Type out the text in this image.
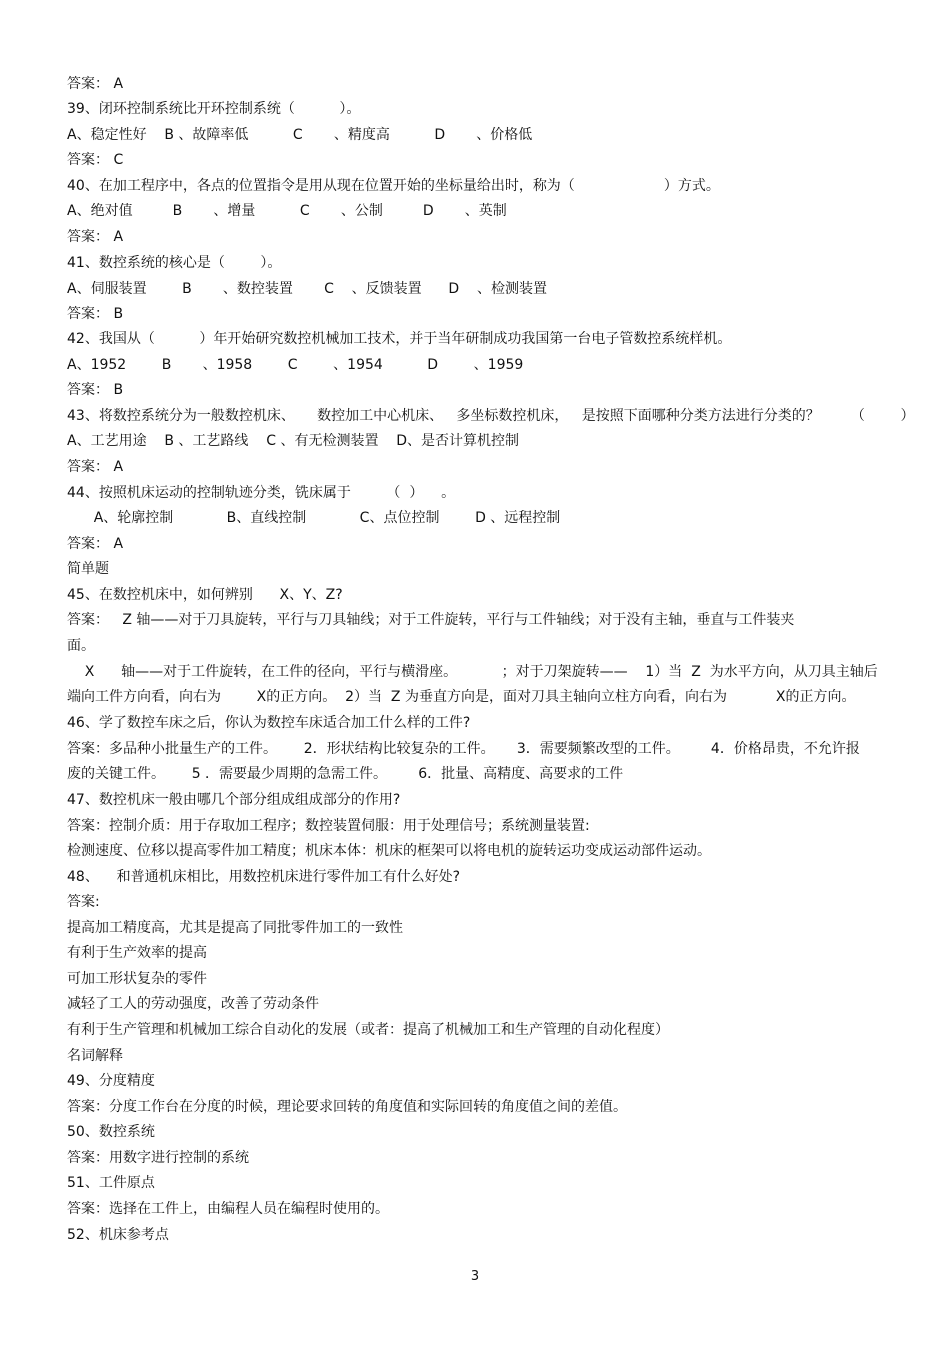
答案： A

39、闭环控制系统比开环控制系统（          ）。

A、稳定性好    B 、故障率低          C       、精度高          D       、价格低

答案： C

40、在加工程序中，各点的位置指令是用从现在位置开始的坐标量给出时，称为（                    ）方式。

A、绝对值         B       、增量          C       、公制         D       、英制

答案： A

41、数控系统的核心是（        ）。

A、伺服装置        B       、数控装置       C    、反馈装置      D    、检测装置

答案： B

42、我国从（          ）年开始研究数控机械加工技术，并于当年研制成功我国第一台电子管数控系统样机。

A、1952        B       、1958        C        、1954          D        、1959

答案： B

43、将数控系统分为一般数控机床、     数控加工中心机床、   多坐标数控机床，   是按照下面哪种分类方法进行分类的？       （        ）

A、工艺用途    B 、工艺路线    C 、有无检测装置    D、是否计算机控制

答案： A

44、按照机床运动的控制轨迹分类，铣床属于        （  ）    。

A、轮廓控制            B、直线控制            C、点位控制        D 、远程控制

答案： A

简单题

45、在数控机床中，如何辨别      X、Y、Z?

答案：   Z 轴——对于刀具旋转，平行与刀具轴线；对于工件旋转，平行与工件轴线；对于没有主轴，垂直与工件装夹

面。

X      轴——对于工件旋转，在工件的径向，平行与横滑座。          ；对于刀架旋转——    1）当  Z  为水平方向，从刀具主轴后

端向工件方向看，向右为        X的正方向。  2）当  Z 为垂直方向是，面对刀具主轴向立柱方向看，向右为           X的正方向。

46、学了数控车床之后，你认为数控车床适合加工什么样的工件?

答案：多品种小批量生产的工件。      2．形状结构比较复杂的工件。     3．需要频繁改型的工件。       4．价格昂贵，不允许报

废的关键工件。      5 ．需要最少周期的急需工件。       6．批量、高精度、高要求的工件

47、数控机床一般由哪几个部分组成组成部分的作用?

答案：控制介质：用于存取加工程序；数控装置伺服：用于处理信号；系统测量装置:

检测速度、位移以提高零件加工精度；机床本体：机床的框架可以将电机的旋转运功变成运动部件运动。

48、    和普通机床相比，用数控机床进行零件加工有什么好处?

答案:

提高加工精度高，尤其是提高了同批零件加工的一致性

有利于生产效率的提高

可加工形状复杂的零件

减轻了工人的劳动强度，改善了劳动条件

有利于生产管理和机械加工综合自动化的发展（或者：提高了机械加工和生产管理的自动化程度）

名词解释

49、分度精度

答案：分度工作台在分度的时候，理论要求回转的角度值和实际回转的角度值之间的差值。

50、数控系统

答案：用数字进行控制的系统

51、工件原点

答案：选择在工件上，由编程人员在编程时使用的。

52、机床参考点

3
